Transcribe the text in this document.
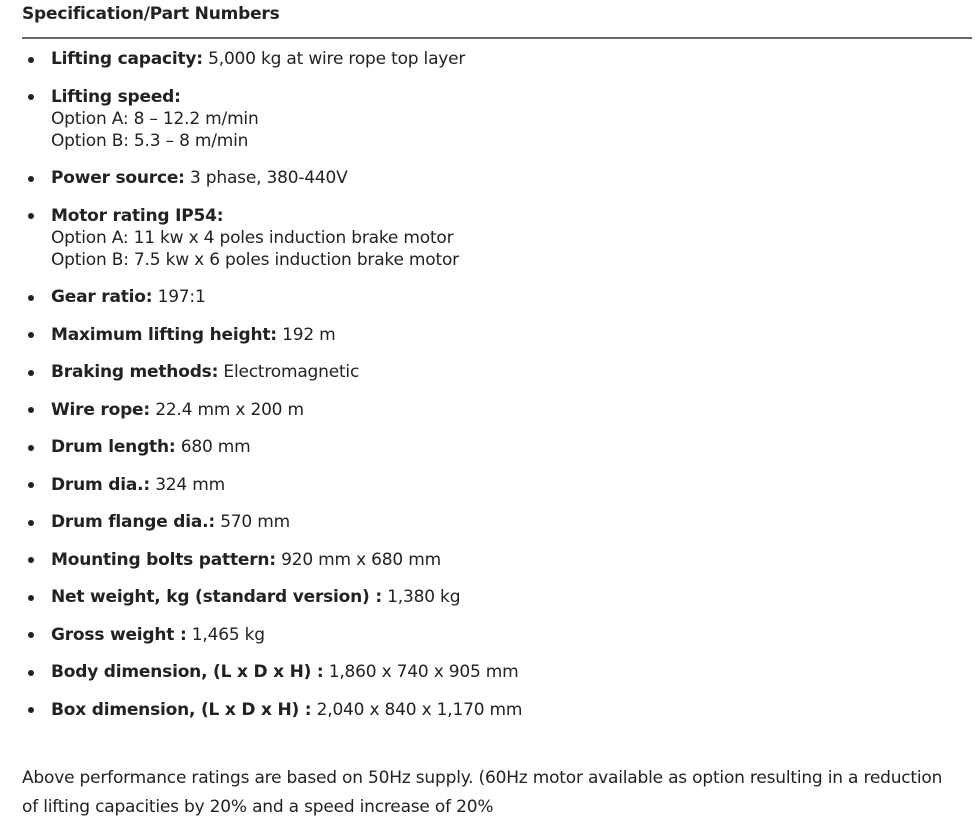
Specification/Part Numbers
Lifting capacity: 5,000 kg at wire rope top layer
Lifting speed:
Option A: 8 – 12.2 m/min
Option B: 5.3 – 8 m/min
Power source: 3 phase, 380-440V
Motor rating IP54:
Option A: 11 kw x 4 poles induction brake motor
Option B: 7.5 kw x 6 poles induction brake motor
Gear ratio: 197:1
Maximum lifting height: 192 m
Braking methods: Electromagnetic
Wire rope: 22.4 mm x 200 m
Drum length: 680 mm
Drum dia.: 324 mm
Drum flange dia.: 570 mm
Mounting bolts pattern: 920 mm x 680 mm
Net weight, kg (standard version) : 1,380 kg
Gross weight : 1,465 kg
Body dimension, (L x D x H) : 1,860 x 740 x 905 mm
Box dimension, (L x D x H) : 2,040 x 840 x 1,170 mm
Above performance ratings are based on 50Hz supply. (60Hz motor available as option resulting in a reduction of lifting capacities by 20% and a speed increase of 20%
